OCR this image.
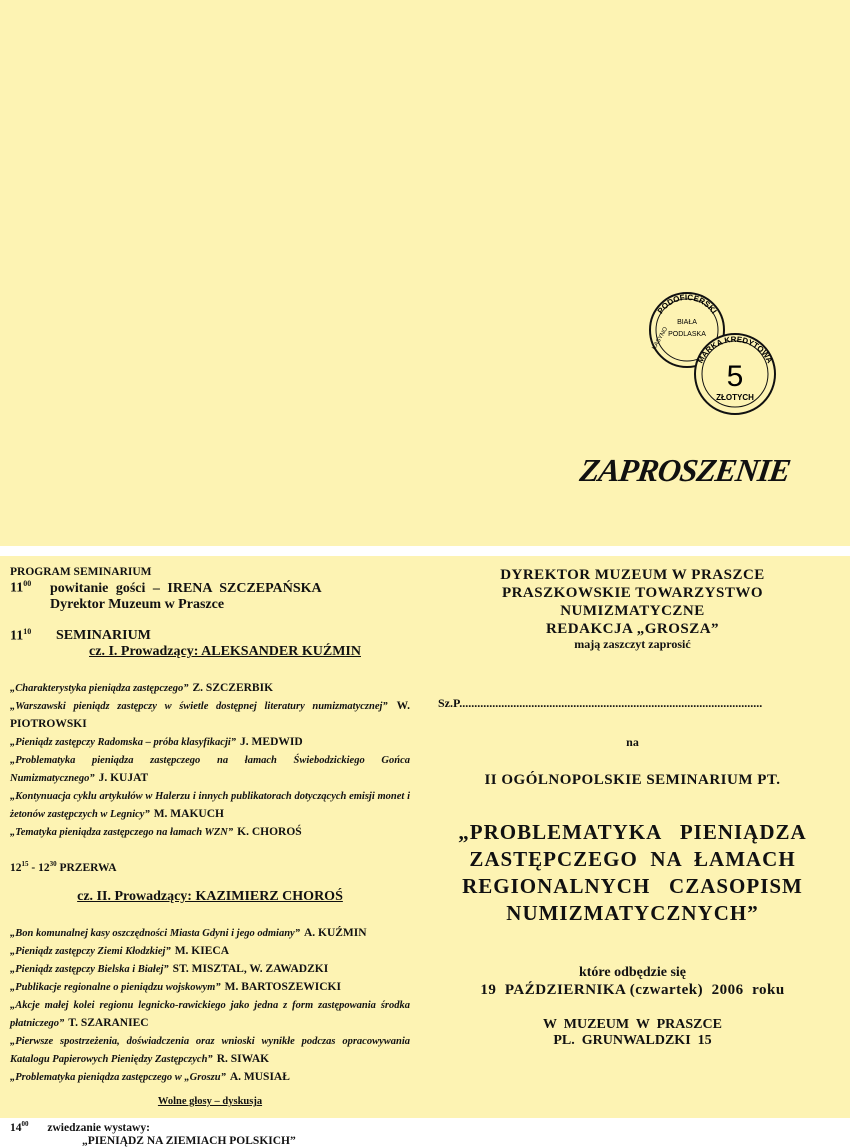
PODOFICERSKI
BIAŁA
PODLASKA
KASYNO
MARKA KREDYTOWA
5
ZŁOTYCH
ZAPROSZENIE
PROGRAM SEMINARIUM
$11^{00}$	powitanie gości – IRENA SZCZEPAŃSKA
Dyrektor Muzeum w Praszce
$11^{10}$	SEMINARIUM
cz. I. Prowadzący: ALEKSANDER KUŹMIN
„Charakterystyka pieniądza zastępczego” Z. SZCZERBIK
„Warszawski pieniądz zastępczy w świetle dostępnej literatury numizmatycznej” W. PIOTROWSKI
„Pieniądz zastępczy Radomska – próba klasyfikacji” J. MEDWID
„Problematyka pieniądza zastępczego na łamach Świebodzickiego Gońca Numizmatycznego” J. KUJAT
„Kontynuacja cyklu artykułów w Halerzu i innych publikatorach dotyczących emisji monet i żetonów zastępczych w Legnicy” M. MAKUCH
„Tematyka pieniądza zastępczego na łamach WZN” K. CHOROŚ
$12^{15} - 12^{30}$ PRZERWA
cz. II. Prowadzący: KAZIMIERZ CHOROŚ
„Bon komunalnej kasy oszczędności Miasta Gdyni i jego odmiany” A. KUŹMIN
„Pieniądz zastępczy Ziemi Kłodzkiej” M. KIECA
„Pieniądz zastępczy Bielska i Białej” ST. MISZTAL, W. ZAWADZKI
„Publikacje regionalne o pieniądzu wojskowym” M. BARTOSZEWICKI
„Akcje małej kolei regionu legnicko-rawickiego jako jedna z form zastępowania środka płatniczego” T. SZARANIEC
„Pierwsze spostrzeżenia, doświadczenia oraz wnioski wynikłe podczas opracowywania Katalogu Papierowych Pieniędzy Zastępczych” R. SIWAK
„Problematyka pieniądza zastępczego w „Groszu” A. MUSIAŁ
Wolne głosy – dyskusja
$14^{00}$ zwiedzanie wystawy:
„PIENIĄDZ NA ZIEMIACH POLSKICH”
DYREKTOR MUZEUM W PRASZCE
PRASZKOWSKIE TOWARZYSTWO
NUMIZMATYCZNE
REDAKCJA „GROSZA”
mają zaszczyt zaprosić
Sz.P.....................................................................................................
na
II OGÓLNOPOLSKIE SEMINARIUM PT.
„PROBLEMATYKA   PIENIĄDZA
ZASTĘPCZEGO  NA  ŁAMACH
REGIONALNYCH   CZASOPISM
NUMIZMATYCZNYCH”
które odbędzie się
19  PAŹDZIERNIKA (czwartek)  2006  roku
W  MUZEUM  W  PRASZCE
PL.  GRUNWALDZKI  15
